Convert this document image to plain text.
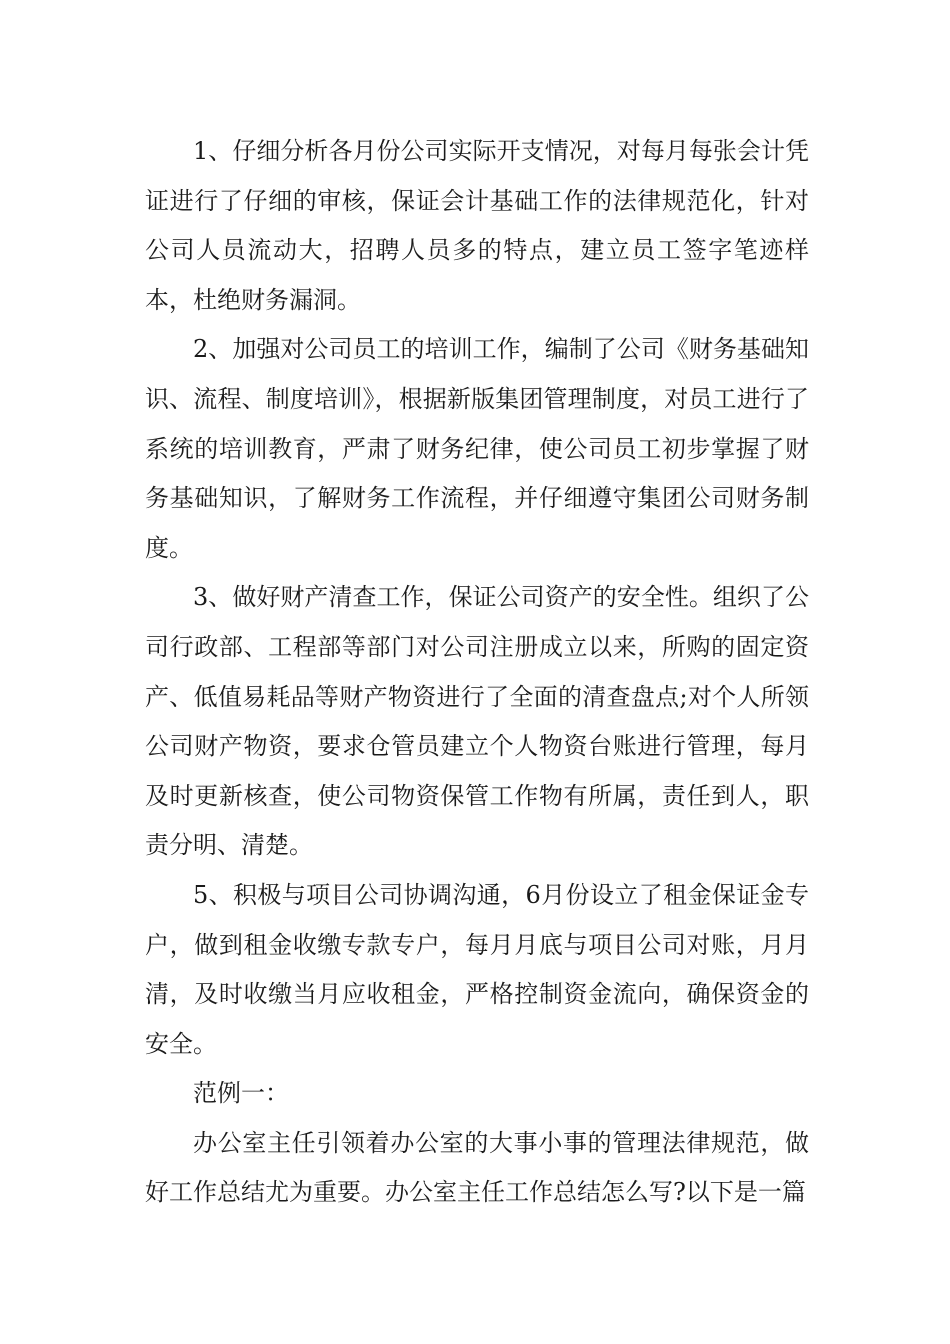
1、仔细分析各月份公司实际开支情况，对每月每张会计凭证进行了仔细的审核，保证会计基础工作的法律规范化，针对公司人员流动大，招聘人员多的特点，建立员工签字笔迹样本，杜绝财务漏洞。

2、加强对公司员工的培训工作，编制了公司《财务基础知识、流程、制度培训》，根据新版集团管理制度，对员工进行了系统的培训教育，严肃了财务纪律，使公司员工初步掌握了财务基础知识，了解财务工作流程，并仔细遵守集团公司财务制度。

3、做好财产清查工作，保证公司资产的安全性。组织了公司行政部、工程部等部门对公司注册成立以来，所购的固定资产、低值易耗品等财产物资进行了全面的清查盘点;对个人所领公司财产物资，要求仓管员建立个人物资台账进行管理，每月及时更新核查，使公司物资保管工作物有所属，责任到人，职责分明、清楚。

5、积极与项目公司协调沟通，6月份设立了租金保证金专户，做到租金收缴专款专户，每月月底与项目公司对账，月月清，及时收缴当月应收租金，严格控制资金流向，确保资金的安全。

范例一：

办公室主任引领着办公室的大事小事的管理法律规范，做好工作总结尤为重要。办公室主任工作总结怎么写?以下是一篇
